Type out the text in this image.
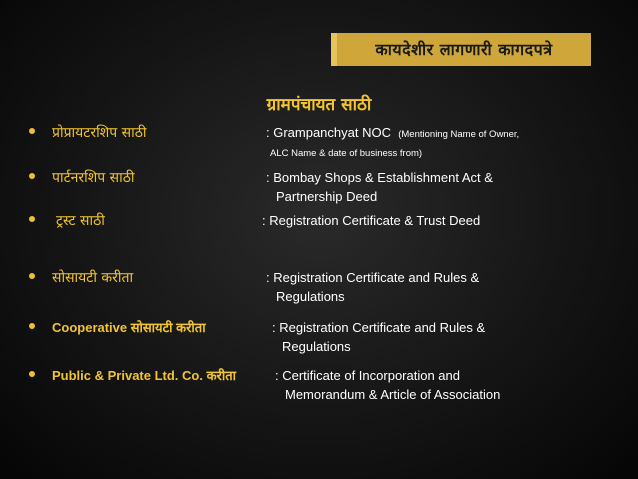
कायदेशीर लागणारी कागदपत्रे
ग्रामपंचायत साठी
प्रोप्रायटरशिप साठी	: Grampanchyat NOC (Mentioning Name of Owner,
ALC Name & date of business from)
पार्टनरशिप साठी	: Bombay Shops & Establishment Act &
Partnership Deed
ट्रस्ट साठी	: Registration Certificate & Trust Deed
सोसायटी करीता	: Registration Certificate and Rules &
Regulations
Cooperative सोसायटी करीता	: Registration Certificate and Rules &
Regulations
Public & Private Ltd. Co. करीता	: Certificate of Incorporation and
Memorandum & Article of Association
